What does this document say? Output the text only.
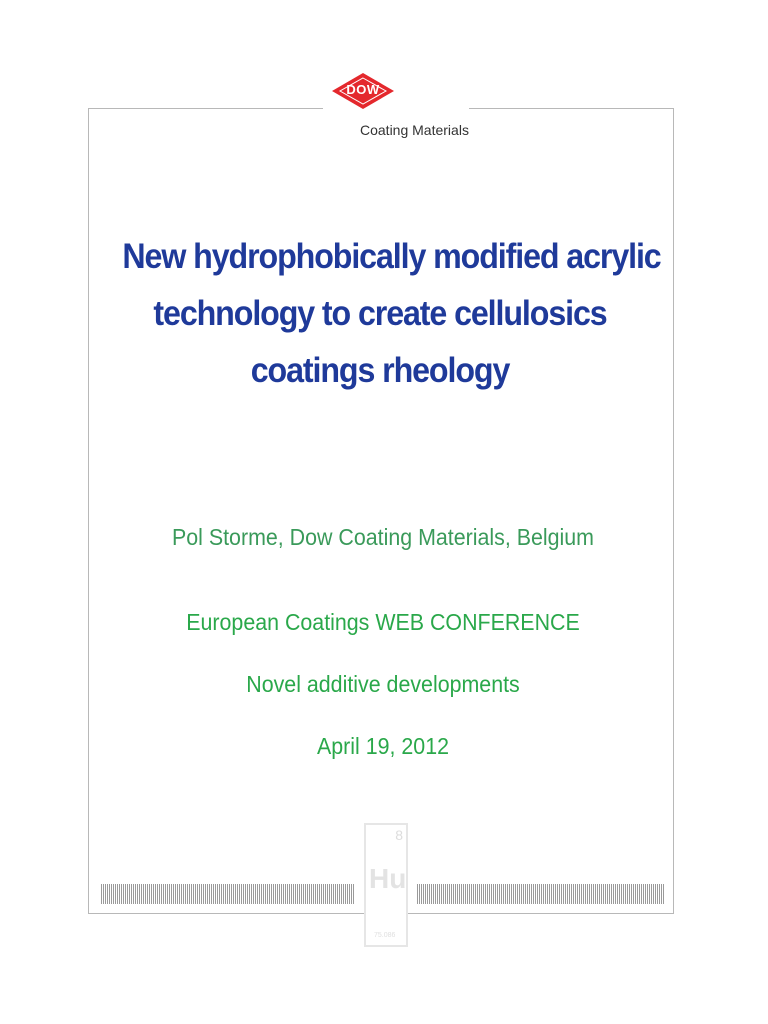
DOW
Coating Materials
New hydrophobically modified acrylic
technology to create cellulosics
coatings rheology
Pol Storme, Dow Coating Materials, Belgium
European Coatings WEB CONFERENCE
Novel additive developments
April 19, 2012
8
Hu
75.086
